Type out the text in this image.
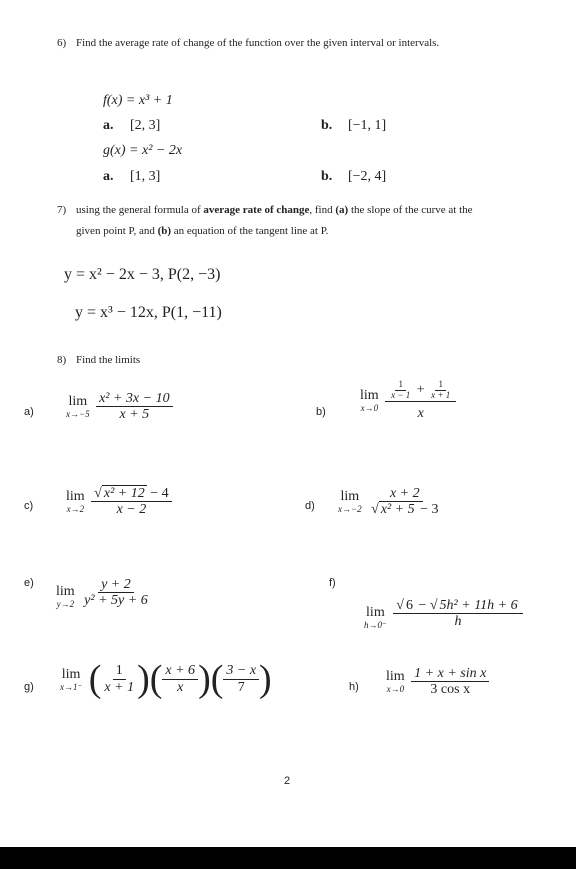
6) Find the average rate of change of the function over the given interval or intervals.
f(x) = x³ + 1
a. [2, 3]	b. [−1, 1]
g(x) = x² − 2x
a. [1, 3]	b. [−2, 4]
7) using the general formula of average rate of change, find (a) the slope of the curve at the
given point P, and (b) an equation of the tangent line at P.
y = x² − 2x − 3, P(2, −3)
y = x³ − 12x, P(1, −11)
8) Find the limits
a)
lim
x→−5
$\frac{\text{x² + 3x − 10}}{x + 5}$	b)
lim
x→0
$\frac{\frac{1}{x - 1} + \frac{1}{x + 1}}{x}$
c)
lim
x→2
$\frac{\text{√ x² + 12 − 4}}{x - 2}$	d)
lim
x→−2
$\frac{x + 2}{\text{√ x² + 5 − 3}}$
e)
lim
y→2
$\frac{y + 2}{\text{y² + 5y + 6}}$	f)
lim
h→0⁻
$\frac{\text{√ 6 − √ 5h² + 11h + 6}}{h}$
g)
lim
x→1⁻ ( $\frac{1}{x + 1}$ )( $\frac{x + 6}{x}$ )( $\frac{3 - x}{7}$ )	h)
lim
x→0
$\frac{\text{1 + x + sin x}}{\text{3 cos x}}$
2
